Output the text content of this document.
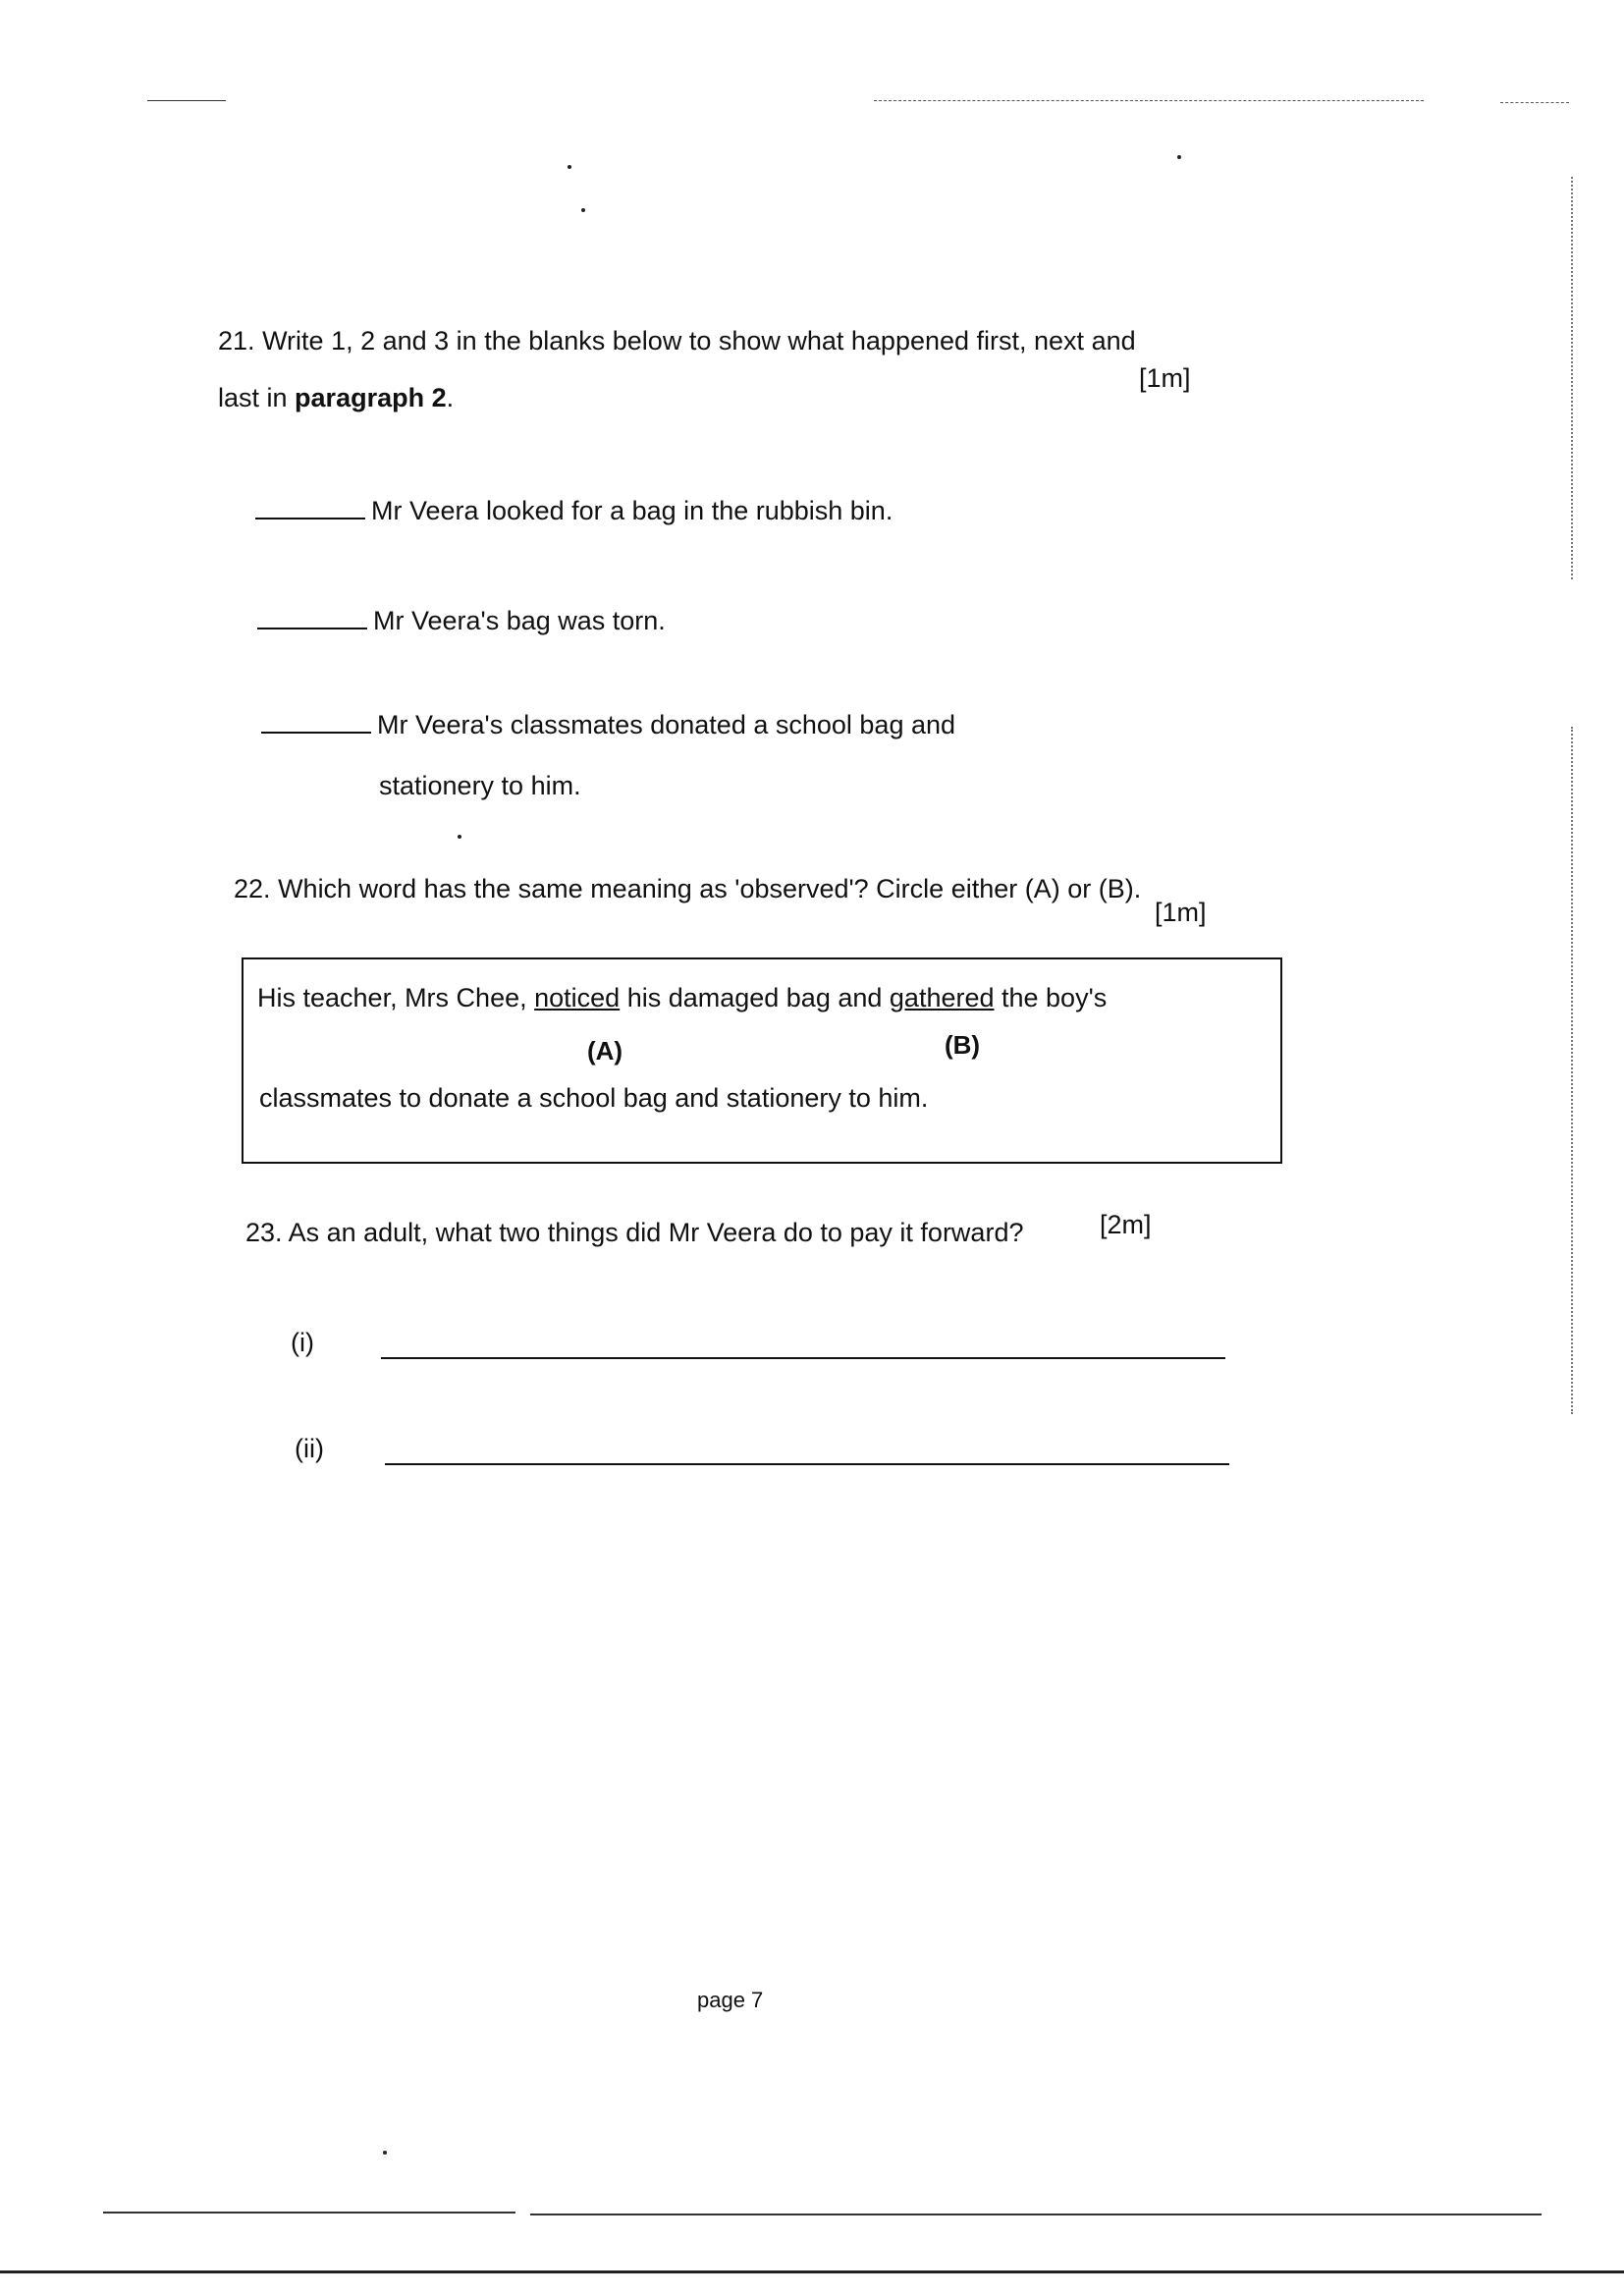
21. Write 1, 2 and 3 in the blanks below to show what happened first, next and
last in paragraph 2.
[1m]
Mr Veera looked for a bag in the rubbish bin.
Mr Veera's bag was torn.
Mr Veera's classmates donated a school bag and
stationery to him.
22. Which word has the same meaning as 'observed'? Circle either (A) or (B).
[1m]
His teacher, Mrs Chee, noticed his damaged bag and gathered the boy's
(A)	(B)
classmates to donate a school bag and stationery to him.
23. As an adult, what two things did Mr Veera do to pay it forward?	[2m]
(i)
(ii)
page 7
